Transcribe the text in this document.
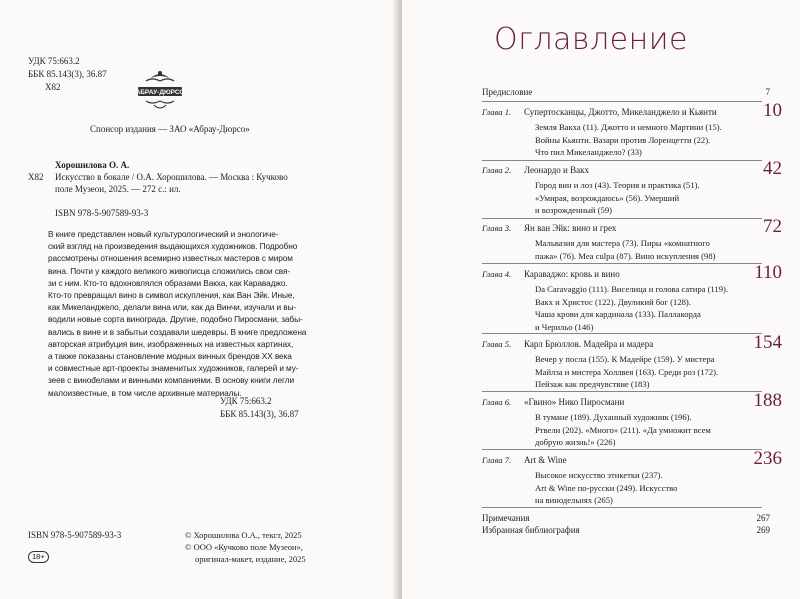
УДК 75:663.2
ББК 85.143(3), 36.87
Х82
АБРАУ-ДЮРСО
Спонсор издания — ЗАО «Абрау-Дюрсо»
Х82
Хорошилова О. А.
Искусство в бокале / О.А. Хорошилова. — Москва : Кучково
поле Музеон, 2025. — 272 с.: ил.
ISBN 978-5-907589-93-3
В книге представлен новый культурологический и энологиче-
ский взгляд на произведения выдающихся художников. Подробно
рассмотрены отношения всемирно известных мастеров с миром
вина. Почти у каждого великого живописца сложились свои свя-
зи с ним. Кто-то вдохновлялся образами Вакха, как Караваджо.
Кто-то превращал вино в символ искупления, как Ван Эйк. Иные,
как Микеланджело, делали вина или, как да Винчи, изучали и вы-
водили новые сорта винограда. Другие, подобно Пиросмани, забы-
вались в вине и в забытьи создавали шедевры. В книге предложена
авторская атрибуция вин, изображенных на известных картинах,
а также показаны становление модных винных брендов XX века
и совместные арт-проекты знаменитых художников, галерей и му-
зеев с винođелами и винными компаниями. В основу книги легли
малоизвестные, в том числе архивные материалы.
УДК 75:663.2
ББК 85.143(3), 36.87
ISBN 978-5-907589-93-3
18+
© Хорошилова О.А., текст, 2025
© ООО «Кучково поле Музеон»,
оригинал-макет, издание, 2025
Оглавление
Предисловие	7
Глава 1. Супертосканцы, Джотто, Микеланджело и Кьянти	10
Земля Вакха (11). Джотто и немного Мартини (15).
Войны Кьянти. Вазари против Лоренцетти (22).
Что пил Микеланджело? (33)
Глава 2. Леонардо и Вакх	42
Город вин и лоз (43). Теория и практика (51).
«Умирая, возрождаюсь» (56). Умерший
и возрожденный (59)
Глава 3. Ян ван Эйк: вино и грех	72
Мальвазия для мастера (73). Пиры «комнатного
пажа» (76). Mea culpa (87). Вино искупления (98)
Глава 4. Караваджо: кровь и вино	110
Da Caravaggio (111). Виселица и голова сатира (119).
Вакх и Христос (122). Двуликий бог (128).
Чаша крови для кардинала (133). Паллакорда
и Черильо (146)
Глава 5. Карл Брюллов. Мадейра и мадера	154
Вечер у посла (155). К Мадейре (159). У мистера
Майлза и мистера Холлвея (163). Среди роз (172).
Пейзаж как предчувствие (183)
Глава 6. «Гвино» Нико Пиросмани	188
В тумане (189). Духанный художник (196).
Ртвели (202). «Много» (211). «Да умножит всем
добрую жизнь!» (226)
Глава 7. Art & Wine	236
Высокое искусство этикетки (237).
Art & Wine по-русски (249). Искусство
на винодельнях (265)
Примечания	267
Избранная библиография	269
